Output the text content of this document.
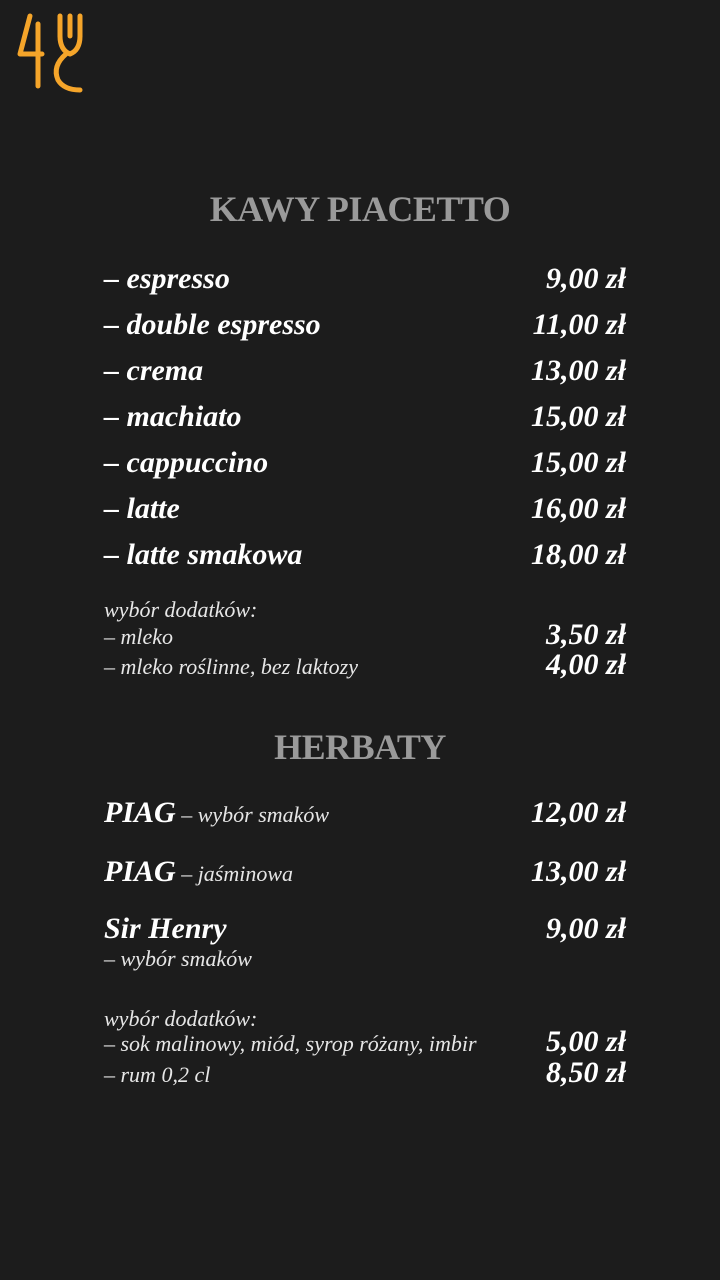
KAWY PIACETTO
– espresso	9,00 zł
– double espresso	11,00 zł
– crema	13,00 zł
– machiato	15,00 zł
– cappuccino	15,00 zł
– latte	16,00 zł
– latte smakowa	18,00 zł
wybór dodatków:
– mleko	3,50 zł
– mleko roślinne, bez laktozy	4,00 zł
HERBATY
PIAG – wybór smaków	12,00 zł
PIAG – jaśminowa	13,00 zł
Sir Henry	9,00 zł
– wybór smaków
wybór dodatków:
– sok malinowy, miód, syrop różany, imbir 5,00 zł
– rum 0,2 cl	8,50 zł
